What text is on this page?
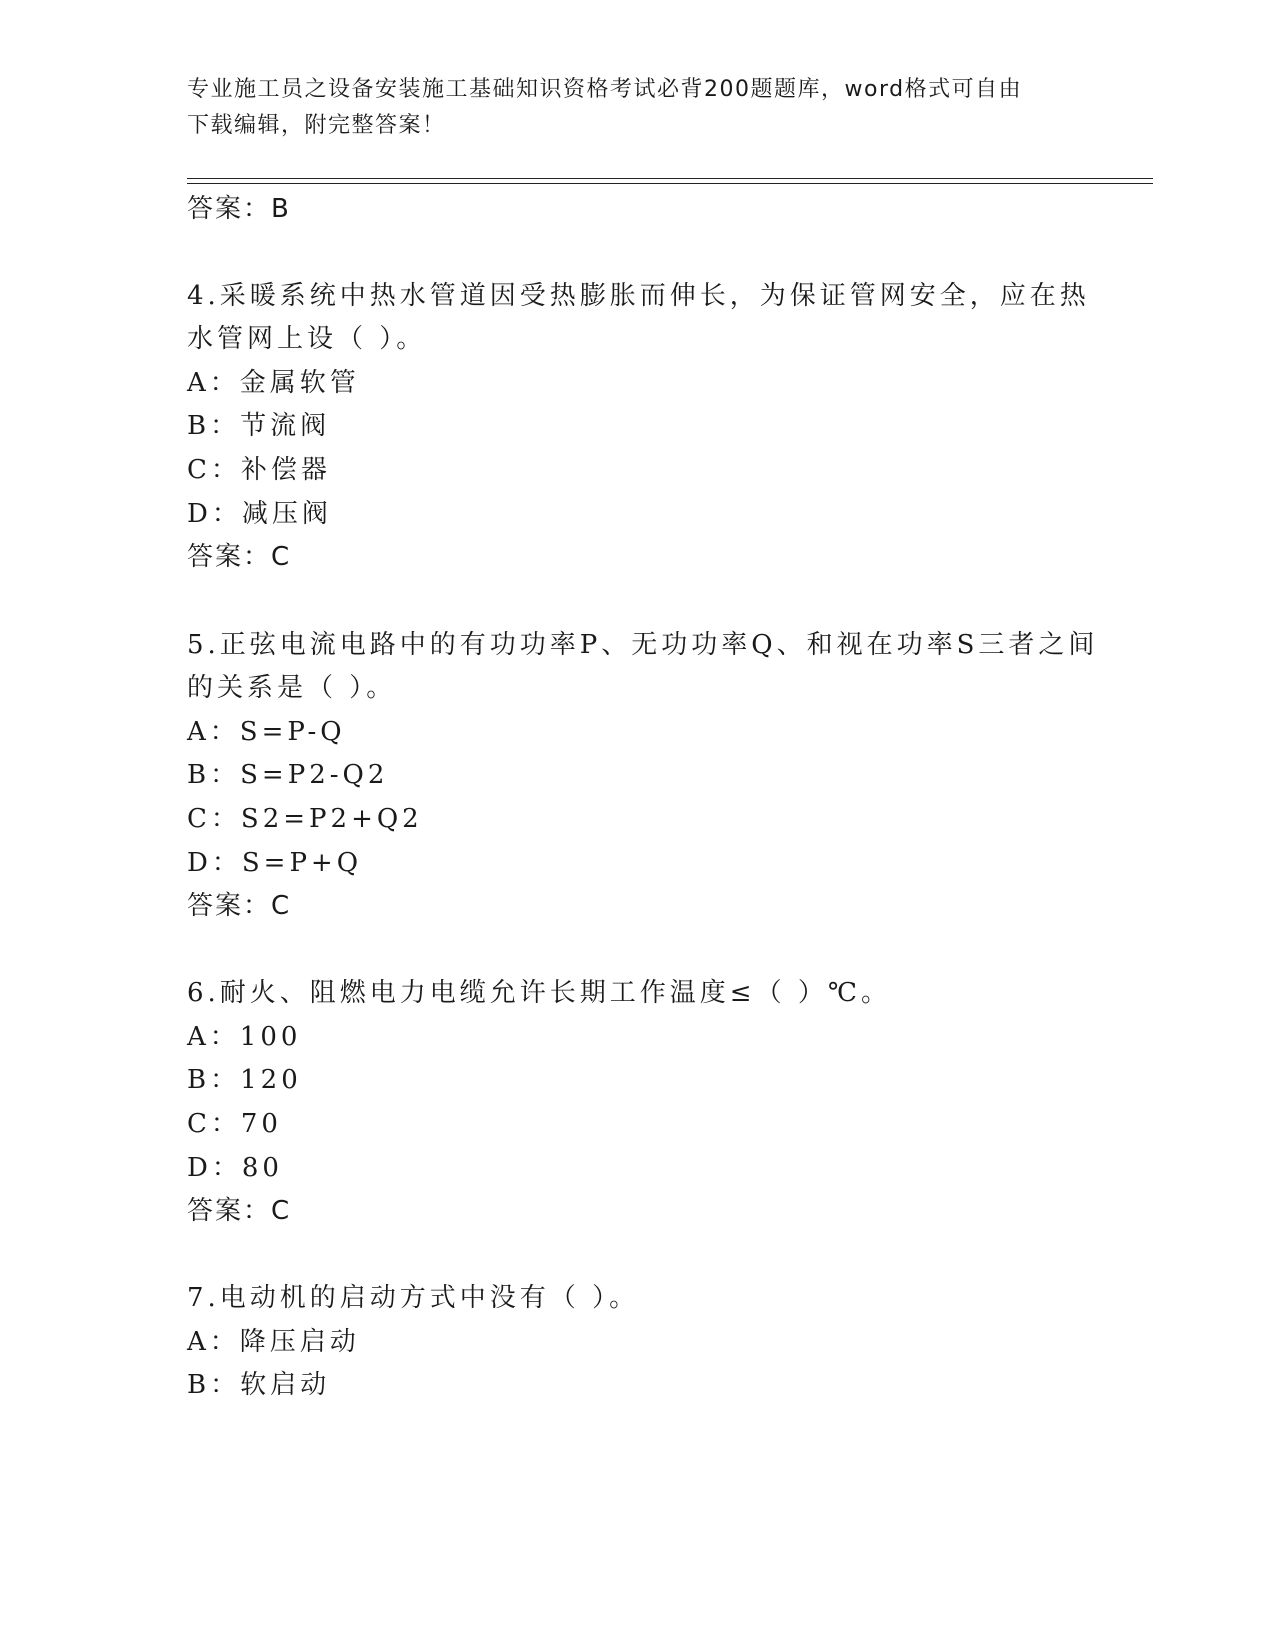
专业施工员之设备安装施工基础知识资格考试必背200题题库，word格式可自由
下载编辑，附完整答案！
答案：B
4.采暖系统中热水管道因受热膨胀而伸长，为保证管网安全，应在热
水管网上设（ ）。
A：金属软管
B：节流阀
C：补偿器
D：减压阀
答案：C
5.正弦电流电路中的有功功率P、无功功率Q、和视在功率S三者之间
的关系是（ ）。
A：S=P-Q
B：S=P2-Q2
C：S2=P2+Q2
D：S=P+Q
答案：C
6.耐火、阻燃电力电缆允许长期工作温度≤（ ）℃。
A：100
B：120
C：70
D：80
答案：C
7.电动机的启动方式中没有（ ）。
A：降压启动
B：软启动
